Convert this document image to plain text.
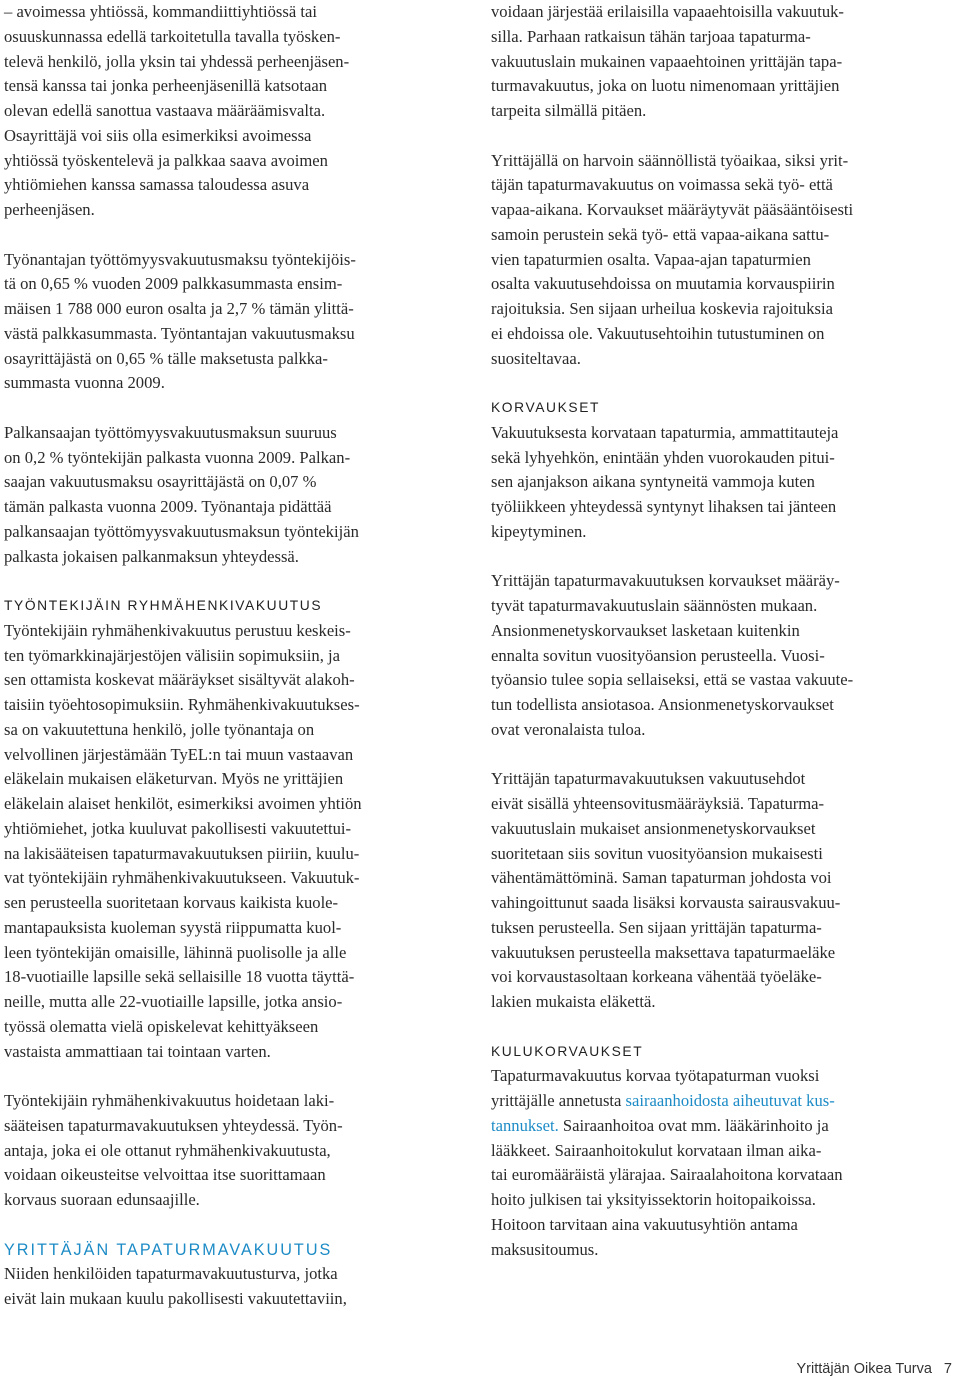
– avoimessa yhtiössä, kommandiittiyhtiössä tai
osuuskunnassa edellä tarkoitetulla tavalla työsken-
televä henkilö, jolla yksin tai yhdessä perheenjäsen-
tensä kanssa tai jonka perheenjäsenillä katsotaan
olevan edellä sanottua vastaava määräämisvalta.
Osayrittäjä voi siis olla esimerkiksi avoimessa
yhtiössä työskentelevä ja palkkaa saava avoimen
yhtiömiehen kanssa samassa taloudessa asuva
perheenjäsen.
Työnantajan työttömyysvakuutusmaksu työntekijöis-
tä on 0,65 % vuoden 2009 palkkasummasta ensim-
mäisen 1 788 000 euron osalta ja 2,7 % tämän ylittä-
västä palkkasummasta. Työntantajan vakuutusmaksu
osayrittäjästä on 0,65 % tälle maksetusta palkka-
summasta vuonna 2009.
Palkansaajan työttömyysvakuutusmaksun suuruus
on 0,2 % työntekijän palkasta vuonna 2009. Palkan-
saajan vakuutusmaksu osayrittäjästä on 0,07 %
tämän palkasta vuonna 2009. Työnantaja pidättää
palkansaajan työttömyysvakuutusmaksun työntekijän
palkasta jokaisen palkanmaksun yhteydessä.
TYÖNTEKIJÄIN RYHMÄHENKIVAKUUTUS
Työntekijäin ryhmähenkivakuutus perustuu keskeis-
ten työmarkkinajärjestöjen välisiin sopimuksiin, ja
sen ottamista koskevat määräykset sisältyvät alakoh-
taisiin työehtosopimuksiin. Ryhmähenkivakuutukses-
sa on vakuutettuna henkilö, jolle työnantaja on
velvollinen järjestämään TyEL:n tai muun vastaavan
eläkelain mukaisen eläketurvan. Myös ne yrittäjien
eläkelain alaiset henkilöt, esimerkiksi avoimen yhtiön
yhtiömiehet, jotka kuuluvat pakollisesti vakuutettui-
na lakisääteisen tapaturmavakuutuksen piiriin, kuulu-
vat työntekijäin ryhmähenkivakuutukseen. Vakuutuk-
sen perusteella suoritetaan korvaus kaikista kuole-
mantapauksista kuoleman syystä riippumatta kuol-
leen työntekijän omaisille, lähinnä puolisolle ja alle
18-vuotiaille lapsille sekä sellaisille 18 vuotta täyttä-
neille, mutta alle 22-vuotiaille lapsille, jotka ansio-
työssä olematta vielä opiskelevat kehittyäkseen
vastaista ammattiaan tai tointaan varten.
Työntekijäin ryhmähenkivakuutus hoidetaan laki-
sääteisen tapaturmavakuutuksen yhteydessä. Työn-
antaja, joka ei ole ottanut ryhmähenkivakuutusta,
voidaan oikeusteitse velvoittaa itse suorittamaan
korvaus suoraan edunsaajille.
YRITTÄJÄN TAPATURMAVAKUUTUS
Niiden henkilöiden tapaturmavakuutusturva, jotka
eivät lain mukaan kuulu pakollisesti vakuutettaviin,
voidaan järjestää erilaisilla vapaaehtoisilla vakuutuk-
silla. Parhaan ratkaisun tähän tarjoaa tapaturma-
vakuutuslain mukainen vapaaehtoinen yrittäjän tapa-
turmavakuutus, joka on luotu nimenomaan yrittäjien
tarpeita silmällä pitäen.
Yrittäjällä on harvoin säännöllistä työaikaa, siksi yrit-
täjän tapaturmavakuutus on voimassa sekä työ- että
vapaa-aikana. Korvaukset määräytyvät pääsääntöisesti
samoin perustein sekä työ- että vapaa-aikana sattu-
vien tapaturmien osalta. Vapaa-ajan tapaturmien
osalta vakuutusehdoissa on muutamia korvauspiirin
rajoituksia. Sen sijaan urheilua koskevia rajoituksia
ei ehdoissa ole. Vakuutusehtoihin tutustuminen on
suositeltavaa.
KORVAUKSET
Vakuutuksesta korvataan tapaturmia, ammattitauteja
sekä lyhyehkön, enintään yhden vuorokauden pitui-
sen ajanjakson aikana syntyneitä vammoja kuten
työliikkeen yhteydessä syntynyt lihaksen tai jänteen
kipeytyminen.
Yrittäjän tapaturmavakuutuksen korvaukset määräy-
tyvät tapaturmavakuutuslain säännösten mukaan.
Ansionmenetyskorvaukset lasketaan kuitenkin
ennalta sovitun vuosityöansion perusteella. Vuosi-
työansio tulee sopia sellaiseksi, että se vastaa vakuute-
tun todellista ansiotasoa. Ansionmenetyskorvaukset
ovat veronalaista tuloa.
Yrittäjän tapaturmavakuutuksen vakuutusehdot
eivät sisällä yhteensovitusmääräyksiä. Tapaturma-
vakuutuslain mukaiset ansionmenetyskorvaukset
suoritetaan siis sovitun vuosityöansion mukaisesti
vähentämättöminä. Saman tapaturman johdosta voi
vahingoittunut saada lisäksi korvausta sairausvakuu-
tuksen perusteella. Sen sijaan yrittäjän tapaturma-
vakuutuksen perusteella maksettava tapaturmaeläke
voi korvaustasoltaan korkeana vähentää työeläke-
lakien mukaista eläkettä.
KULUKORVAUKSET
Tapaturmavakuutus korvaa työtapaturman vuoksi
yrittäjälle annetusta sairaanhoidosta aiheutuvat kus-
tannukset. Sairaanhoitoa ovat mm. lääkärinhoito ja
lääkkeet. Sairaanhoitokulut korvataan ilman aika-
tai euromääräistä ylärajaa. Sairaalahoitona korvataan
hoito julkisen tai yksityissektorin hoitopaikoissa.
Hoitoon tarvitaan aina vakuutusyhtiön antama
maksusitoumus.
Yrittäjän Oikea Turva 7
